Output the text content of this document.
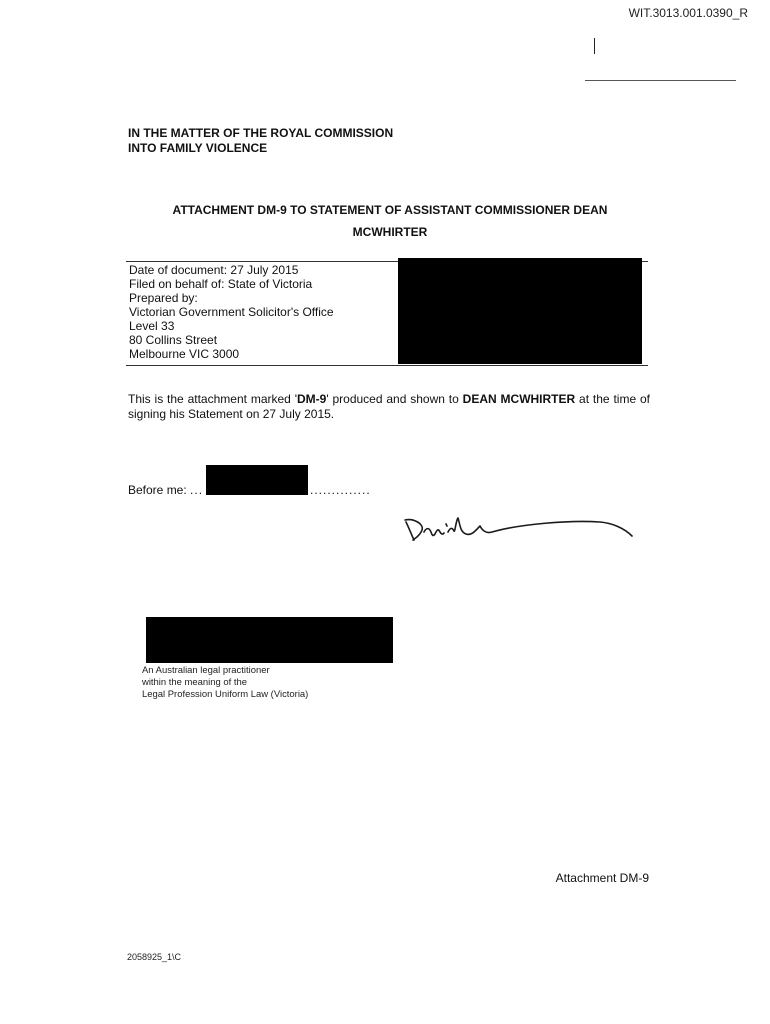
WIT.3013.001.0390_R
IN THE MATTER OF THE ROYAL COMMISSION
INTO FAMILY VIOLENCE
ATTACHMENT DM-9 TO STATEMENT OF ASSISTANT COMMISSIONER DEAN
MCWHIRTER
Date of document: 27 July 2015
Filed on behalf of: State of Victoria
Prepared by:
Victorian Government Solicitor's Office
Level 33
80 Collins Street
Melbourne VIC 3000
This is the attachment marked 'DM-9' produced and shown to DEAN MCWHIRTER at the time of signing his Statement on 27 July 2015.
Before me: ...	..............
An Australian legal practitioner
within the meaning of the
Legal Profession Uniform Law (Victoria)
Attachment DM-9
2058925_1\C
